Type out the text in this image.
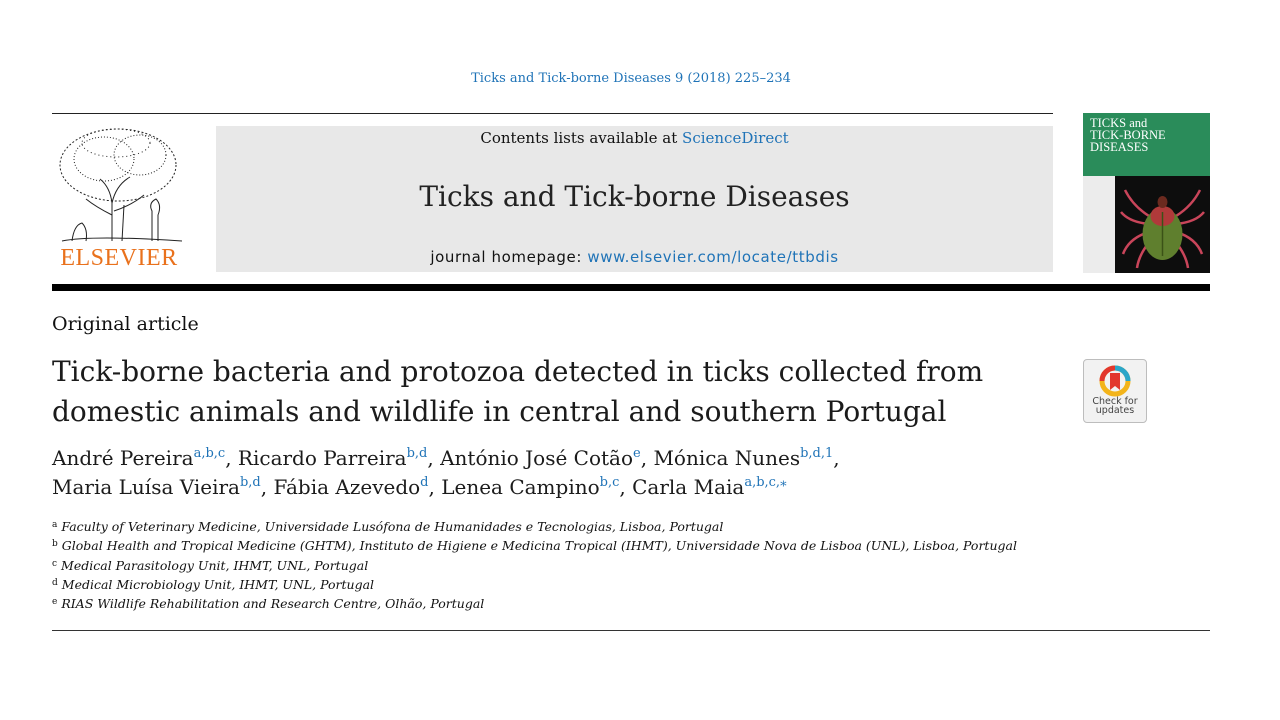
Ticks and Tick-borne Diseases 9 (2018) 225–234
ELSEVIER
Contents lists available at ScienceDirect
Ticks and Tick-borne Diseases
journal homepage: www.elsevier.com/locate/ttbdis
TICKS and
TICK-BORNE
DISEASES
Original article
Tick-borne bacteria and protozoa detected in ticks collected from domestic animals and wildlife in central and southern Portugal	Check for
updates
André Pereira$^{a,b,c}$, Ricardo Parreira$^{b,d}$, António José Cotão$^e$, Mónica Nunes$^{b,d,1}$,
Maria Luísa Vieira$^{b,d}$, Fábia Azevedo$^d$, Lenea Campino$^{b,c}$, Carla Maia$^{a,b,c,⁎}$
$^a$ Faculty of Veterinary Medicine, Universidade Lusófona de Humanidades e Tecnologias, Lisboa, Portugal
$^b$ Global Health and Tropical Medicine (GHTM), Instituto de Higiene e Medicina Tropical (IHMT), Universidade Nova de Lisboa (UNL), Lisboa, Portugal
$^c$ Medical Parasitology Unit, IHMT, UNL, Portugal
$^d$ Medical Microbiology Unit, IHMT, UNL, Portugal
$^e$ RIAS Wildlife Rehabilitation and Research Centre, Olhão, Portugal
